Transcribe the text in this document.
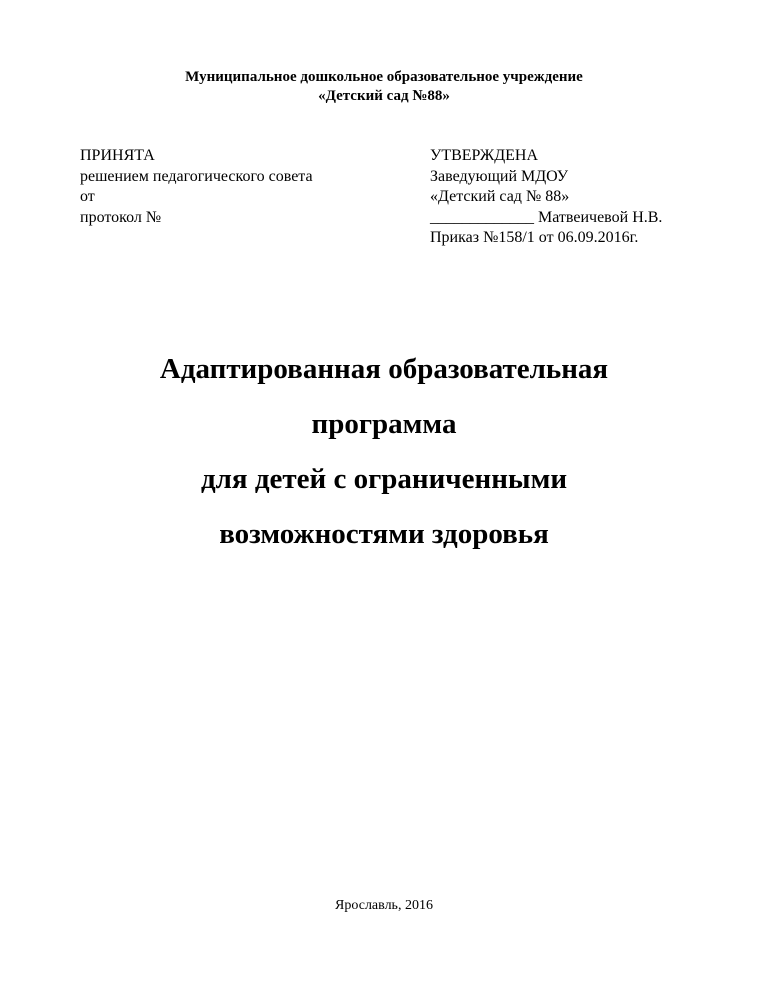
Муниципальное дошкольное образовательное учреждение
«Детский сад №88»
ПРИНЯТА
решением педагогического совета
от
протокол №
УТВЕРЖДЕНА
Заведующий МДОУ
«Детский сад № 88»
_____________ Матвеичевой Н.В.
Приказ №158/1 от 06.09.2016г.
Адаптированная образовательная
программа
для детей с ограниченными
возможностями здоровья
Ярославль, 2016
